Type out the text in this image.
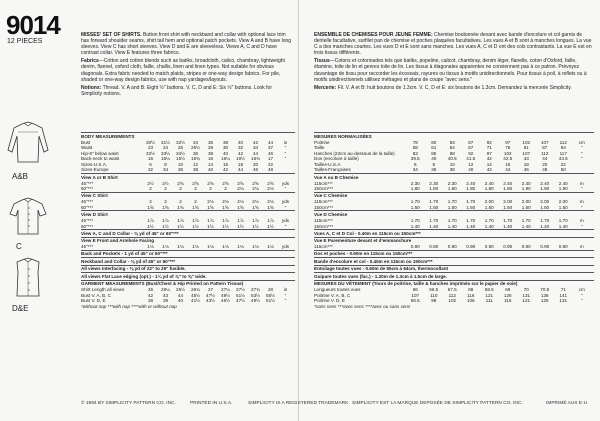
9014
12 PIECES
A&B
C
D&E

MISSES' SET OF SHIRTS. Button front shirt with neckband and collar with optional lace trim has forward shoulder seams, shirt tail hem and optional patch pockets. View A and B have long sleeves. View C has short sleeves. View D and E are sleeveless. Views A, C and D have contrast collar. View E features three fabrics.

Fabrics—Cotton and cotton blends such as batiks, broadcloth, calico, chambray, lightweight denim, flannel, oxford cloth, faille, challis, linen and linen types. Not suitable for obvious diagonals. Extra fabric needed to match plaids, stripes or one-way design fabrics. For pile, shaded or one-way design fabrics, use with nap yardages/layouts.

Notions: Thread. V. A and B: Eight ½" buttons. V. C, D and E: Six ½" buttons. Look for Simplicity notions.

ENSEMBLE DE CHEMISES POUR JEUNE FEMME: Chemise boutonnée devant avec bande d'encolure et col garnis de dentelle facultative, surfilet pan de chemise et poches plaquées facultatives. Les vues A et B sont à manches longues. La vue C a des manches courtes. Les vues D et E sont sans manches. Les vues A, C et D ont des cols contrastants. La vue E est en trois tissus différents.

Tissus—Cotons et cotonnades tels que batiks, popeline, calicot, chambray, denim léger, flanelle, coton d'Oxford, faille, étamine, toile de lin et genres toile de lin. Les tissus à diagonales apparentes ne conviennent pas à ce patron. Prévoyez davantage de tissu pour raccorder les écossais, rayures ou tissus à motifs unidirectionnels. Pour tissus à poil, à reflets ou à motifs unidirectionnels utilisez métrages et plans de coupe "avec sens."

Mercerie: Fil. V. A et B: huit boutons de 1.3cm. V. C, D et E: six boutons de 1.3cm. Demandez la mercerie Simplicity.

BODY MEASUREMENTS
Bust	30½	31½	32½	34	36	38	40	42	44	in
Waist	23	24	25	26½	28	30	32	34	37	"
Hip-9" below waist	32½	33½	34½	36	38	40	42	44	46	"
Back-neck to waist	15	15¼	15½	15¾	16	16¼	16½	16¾	17	"
Sizes-U.S.A.	6	8	10	12	14	16	18	20	22
Sizes-Europe	32	34	36	38	40	42	44	46	48
View A or B Shirt
45"***	2½	2½	2⅝	2⅝	2⅝	2⅝	2⅝	2⅝	2⅝	yds
60"***	2	2	2	2	2	2	2⅛	2⅛	2⅛	"
View C Shirt
45"***	2	2	2	2	2⅛	2⅛	2⅛	2⅛	2⅛	yds
60"***	1⅝	1⅝	1⅝	1⅝	1⅝	1⅝	1⅝	1⅝	1⅝	"
View D Shirt
45"***	1⅞	1⅞	1⅞	1⅞	1⅞	1⅞	1⅞	1⅞	1⅞	yds
60"***	1½	1½	1½	1½	1½	1½	1½	1½	1½	"
View A, C and D Collar - ⅜ yd of 45" or 60"***
View E Front and Armhole Facing
45"***	1⅛	1⅛	1⅛	1⅛	1⅛	1⅛	1⅛	1⅛	1⅛	yds
Back and Pockets - 1 yd of 45" or 60"***
Neckband and Collar - ⅜ yd of 45" or 60"***
All views Interfacing - ⅜ yd of 22" to 25" fusible.
All views Flat Lace edging (opt.) - 1¼ yd of ⅞" to ⅝" wide.
GARMENT MEASUREMENTS (Bust/Chest & Hip Printed on Pattern Tissue)
Shirt Length all views	26	26¼	26½	26¾	27	27¼	27½	27¾	28	in
Bust V. A, B, C	42	43	44	45½	47½	49½	51½	53½	55½	"
Bust V. D, E	38	39	40	41½	43½	45½	47½	49½	51½	"
*without nap ***with nap ****with or without nap
MESURES NORMALISÉES
Poitrine	78	80	83	87	92	97	102	107	112	cm
Taille	58	61	64	67	71	76	81	87	94	"
Hanches (23cm au-dessous de la taille)	83	85	88	92	97	102	107	112	117	"
Dos (encolure à taille)	39.5	40	40.5	41.5	42	42.5	43	44	44.5	"
Tailles-U.S.A.	6	8	10	12	14	16	18	20	22
Tailles-Françaises	34	36	38	40	42	44	46	48	50
Vue A ou B Chemise
115cm***	2.30	2.30	2.30	2.40	2.40	2.40	2.40	2.40	2.40	m
150cm***	1.80	1.80	1.80	1.80	1.80	1.90	1.90	1.90	1.90	"
Vue C Chemise
115cm***	1.70	1.70	1.70	1.70	2.00	2.00	2.00	2.00	2.00	m
150cm***	1.50	1.50	1.50	1.50	1.50	1.50	1.50	1.50	1.50	"
Vue D Chemise
115cm***	1.70	1.70	1.70	1.70	1.70	1.70	1.70	1.70	1.70	m
150cm***	1.40	1.40	1.40	1.40	1.40	1.40	1.40	1.40	1.40	"
Vues A, C et D Col - 0.40m en 115cm ou 150cm***
Vue E Parementure devant et d'emmanchure
115cm***	0.90	0.90	0.90	0.90	0.90	0.90	0.90	0.90	0.90	m
Dos et poches - 0.90m en 115cm ou 150cm***
Bande d'encolure et col - 0.40m en 115cm ou 150cm***
Entoilage toutes vues - 0.60m de 55cm à 64cm, thermocollant
Guipure toutes vues (fac.) - 1.20m de 1.3cm à 1.5cm de large.
MESURES DU VÊTEMENT (Tours de poitrine, taille & hanches imprimés sur le papier de soie)
Longueurs toutes vues	66	66.5	67.5	68	68.5	69	70	70.5	71	cm
Poitrine V. A, B, C	107	110	112	116	121	126	131	136	141	"
Poitrine V. D, E	96.5	99	102	106	111	116	121	126	131	"
*sans sens ***avec sens ****avec ou sans sens
© 1994 BY SIMPLICITY PATTERN CO. INC.	PRINTED IN U.S.A.	SIMPLICITY IS A REGISTERED TRADEMARK SIMPLICITY EST LA MARQUE DEPOSÉE DE SIMPLICITY PATTERN CO. INC.	IMPRIMÉ AUX E-U
